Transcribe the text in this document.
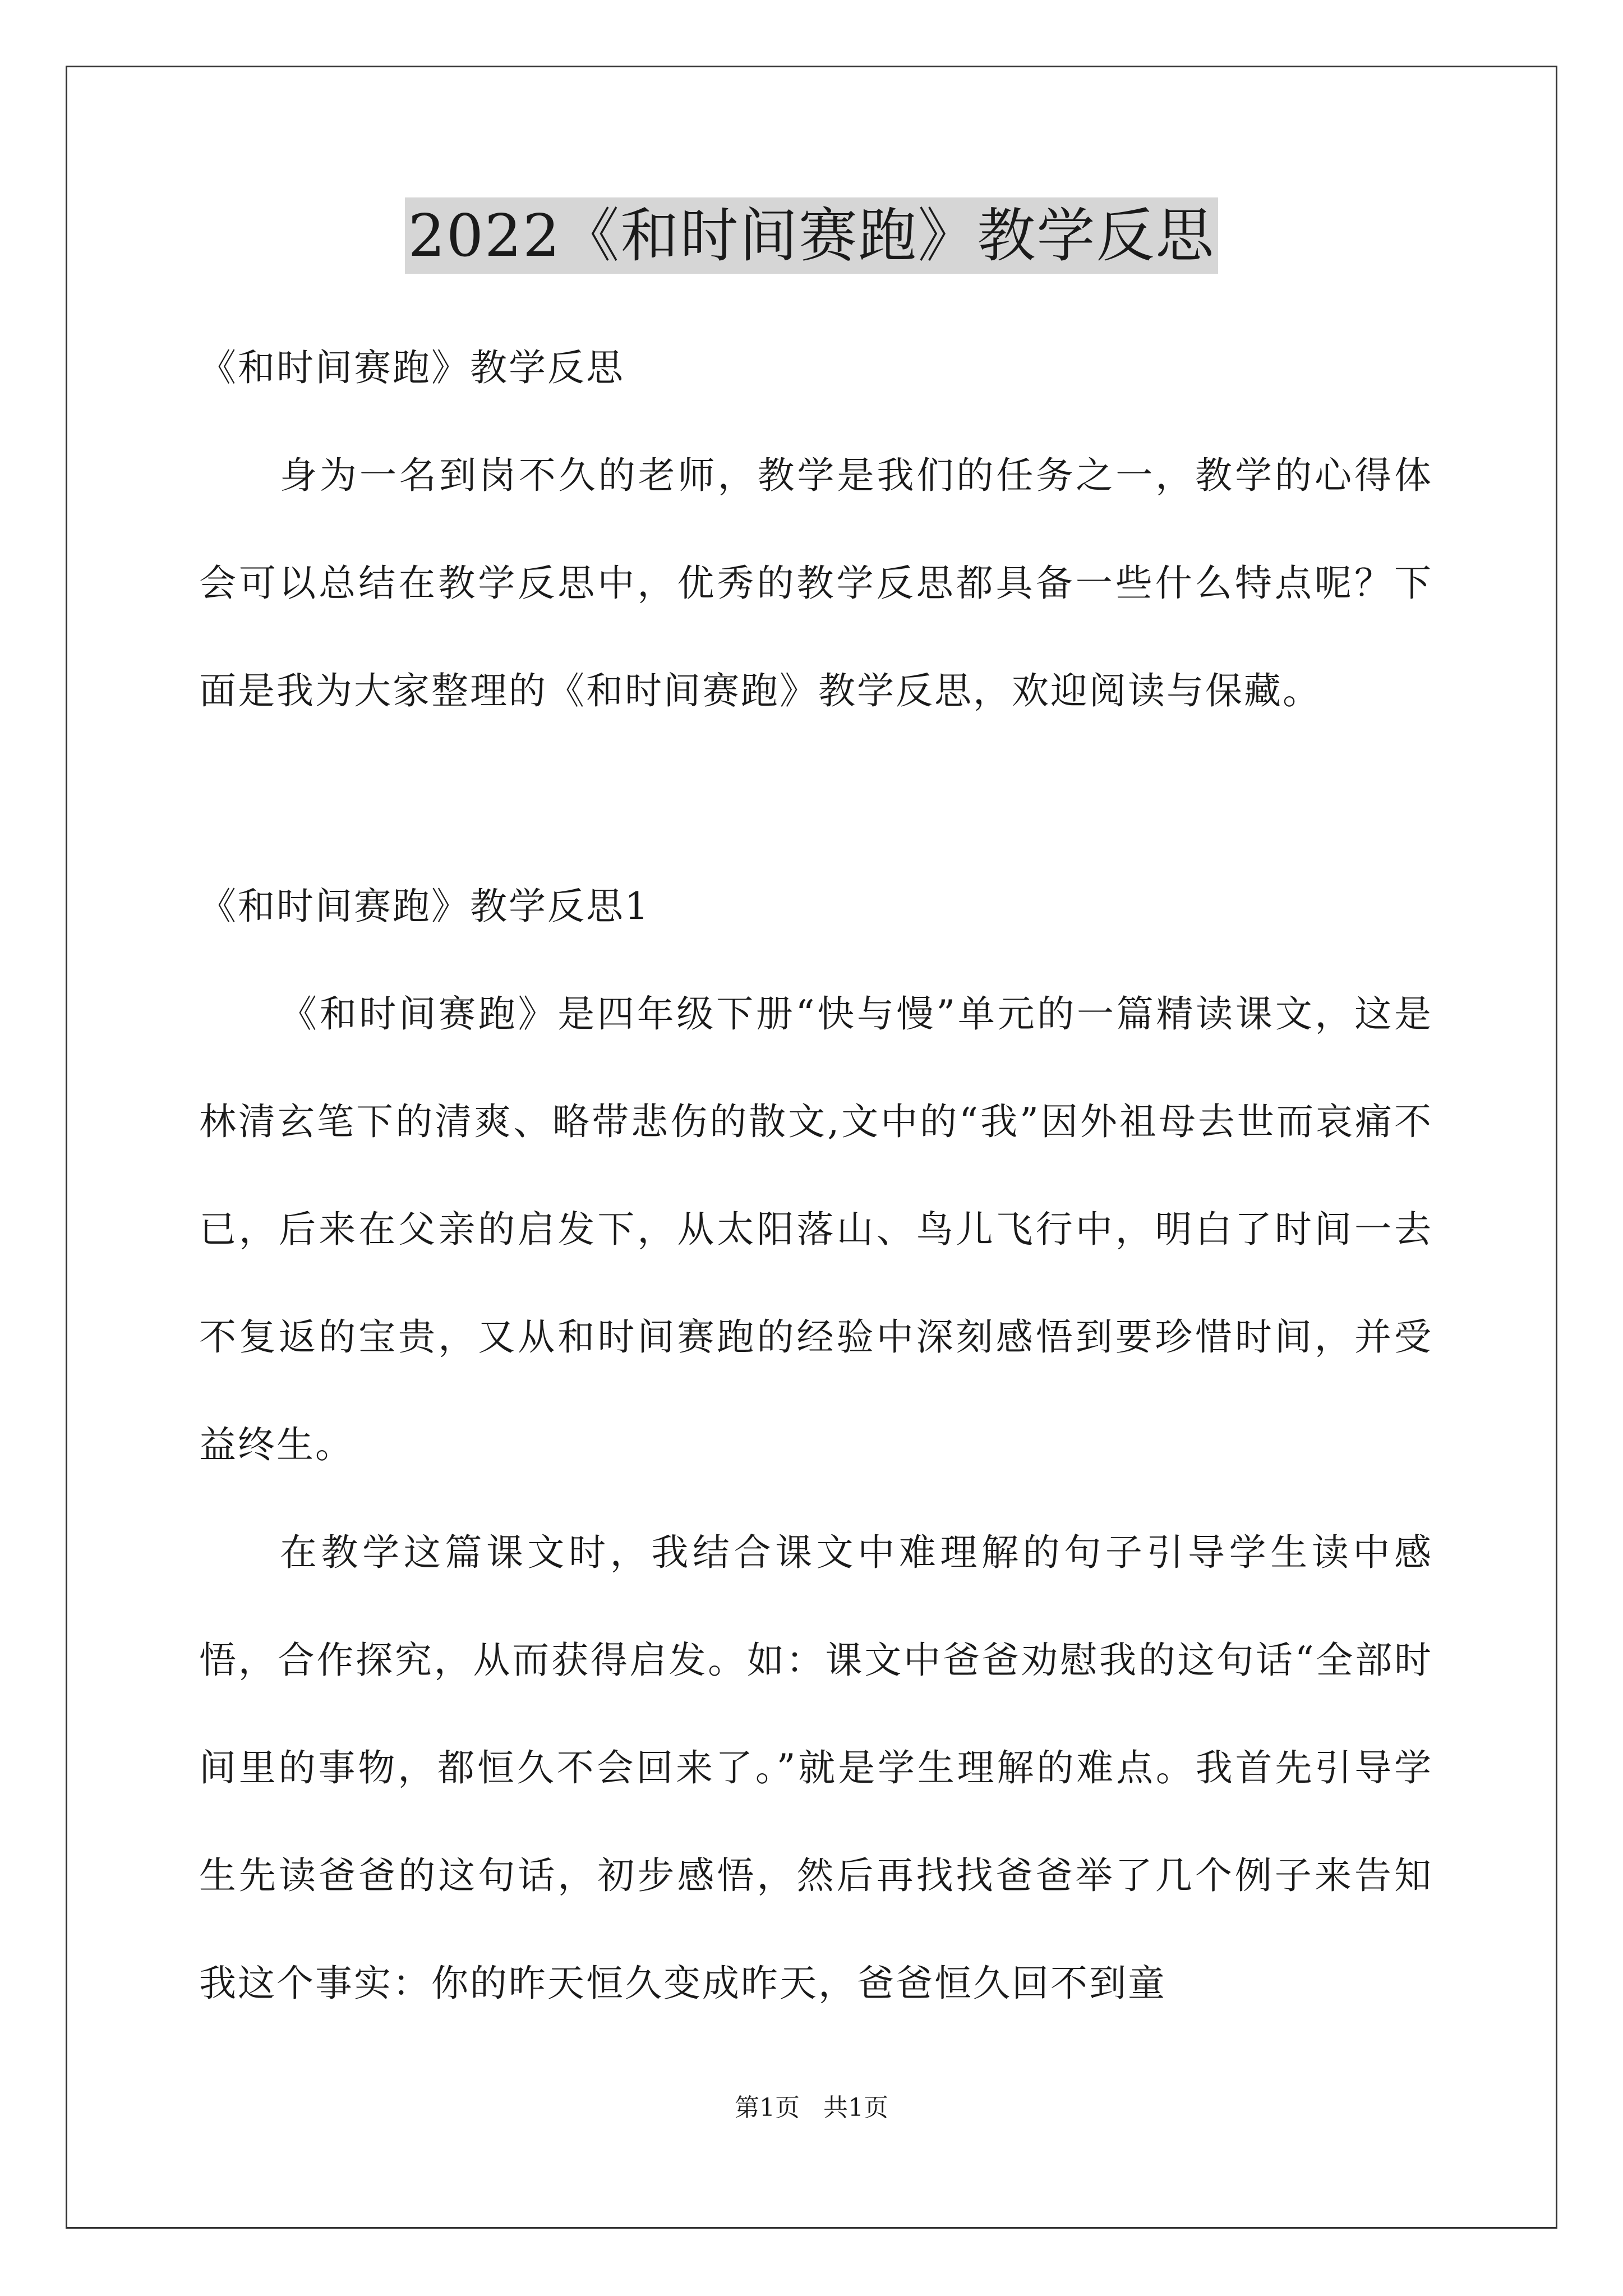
2022《和时间赛跑》教学反思

《和时间赛跑》教学反思

身为一名到岗不久的老师，教学是我们的任务之一，教学的心得体会可以总结在教学反思中，优秀的教学反思都具备一些什么特点呢？下面是我为大家整理的《和时间赛跑》教学反思，欢迎阅读与保藏。

《和时间赛跑》教学反思1

《和时间赛跑》是四年级下册“快与慢”单元的一篇精读课文，这是林清玄笔下的清爽、略带悲伤的散文,文中的“我”因外祖母去世而哀痛不已，后来在父亲的启发下，从太阳落山、鸟儿飞行中，明白了时间一去不复返的宝贵，又从和时间赛跑的经验中深刻感悟到要珍惜时间，并受益终生。

在教学这篇课文时，我结合课文中难理解的句子引导学生读中感悟，合作探究，从而获得启发。如：课文中爸爸劝慰我的这句话“全部时间里的事物，都恒久不会回来了。”就是学生理解的难点。我首先引导学生先读爸爸的这句话，初步感悟，然后再找找爸爸举了几个例子来告知我这个事实：你的昨天恒久变成昨天，爸爸恒久回不到童

第1页   共1页
